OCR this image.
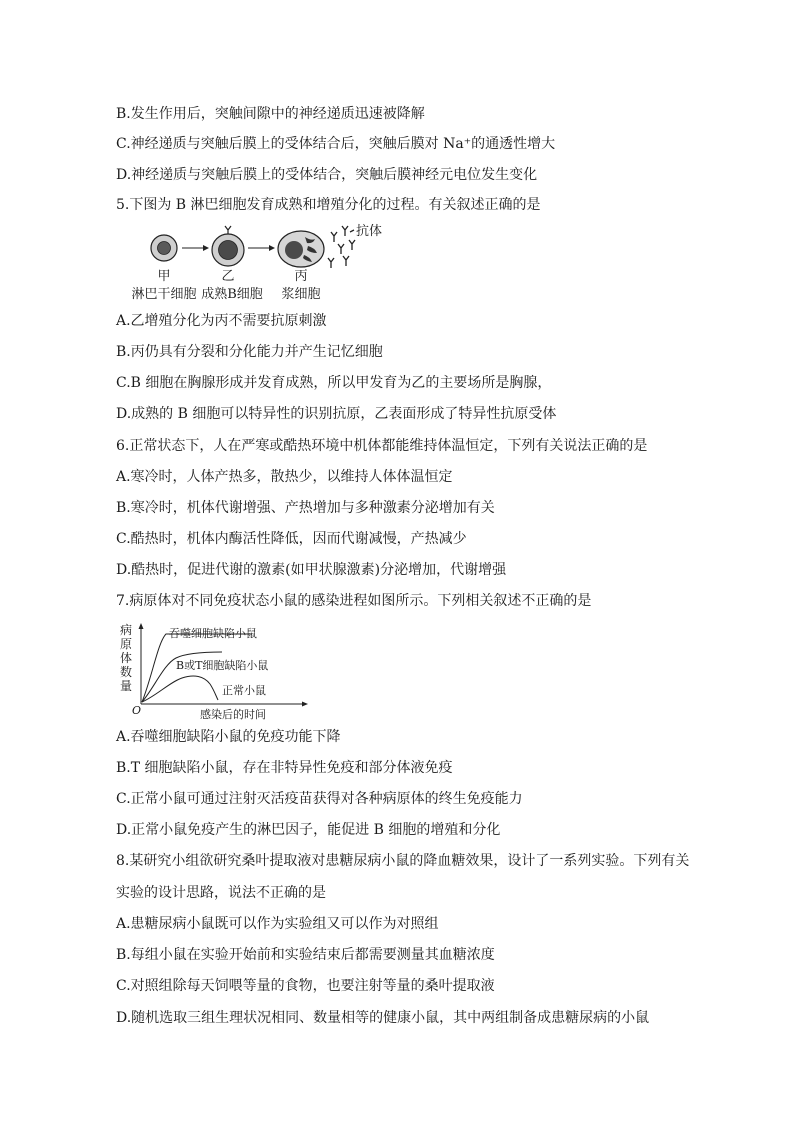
B.发生作用后，突触间隙中的神经递质迅速被降解
C.神经递质与突触后膜上的受体结合后，突触后膜对 Na⁺的通透性增大
D.神经递质与突触后膜上的受体结合，突触后膜神经元电位发生变化
5.下图为 B 淋巴细胞发育成熟和增殖分化的过程。有关叙述正确的是
抗体
甲	乙	丙
淋巴干细胞 成熟B细胞 浆细胞
A.乙增殖分化为丙不需要抗原刺激
B.丙仍具有分裂和分化能力并产生记忆细胞
C.B 细胞在胸腺形成并发育成熟，所以甲发育为乙的主要场所是胸腺，
D.成熟的 B 细胞可以特异性的识别抗原，乙表面形成了特异性抗原受体
6.正常状态下，人在严寒或酷热环境中机体都能维持体温恒定，下列有关说法正确的是
A.寒冷时，人体产热多，散热少，以维持人体体温恒定
B.寒冷时，机体代谢增强、产热增加与多种激素分泌增加有关
C.酷热时，机体内酶活性降低，因而代谢减慢，产热减少
D.酷热时，促进代谢的激素(如甲状腺激素)分泌增加，代谢增强
7.病原体对不同免疫状态小鼠的感染进程如图所示。下列相关叙述不正确的是
病
原
体
数
量
O	感染后的时间
吞噬细胞缺陷小鼠
B或T细胞缺陷小鼠
正常小鼠
A.吞噬细胞缺陷小鼠的免疫功能下降
B.T 细胞缺陷小鼠，存在非特异性免疫和部分体液免疫
C.正常小鼠可通过注射灭活疫苗获得对各种病原体的终生免疫能力
D.正常小鼠免疫产生的淋巴因子，能促进 B 细胞的增殖和分化
8.某研究小组欲研究桑叶提取液对患糖尿病小鼠的降血糖效果，设计了一系列实验。下列有关
实验的设计思路，说法不正确的是
A.患糖尿病小鼠既可以作为实验组又可以作为对照组
B.每组小鼠在实验开始前和实验结束后都需要测量其血糖浓度
C.对照组除每天饲喂等量的食物，也要注射等量的桑叶提取液
D.随机选取三组生理状况相同、数量相等的健康小鼠，其中两组制备成患糖尿病的小鼠
